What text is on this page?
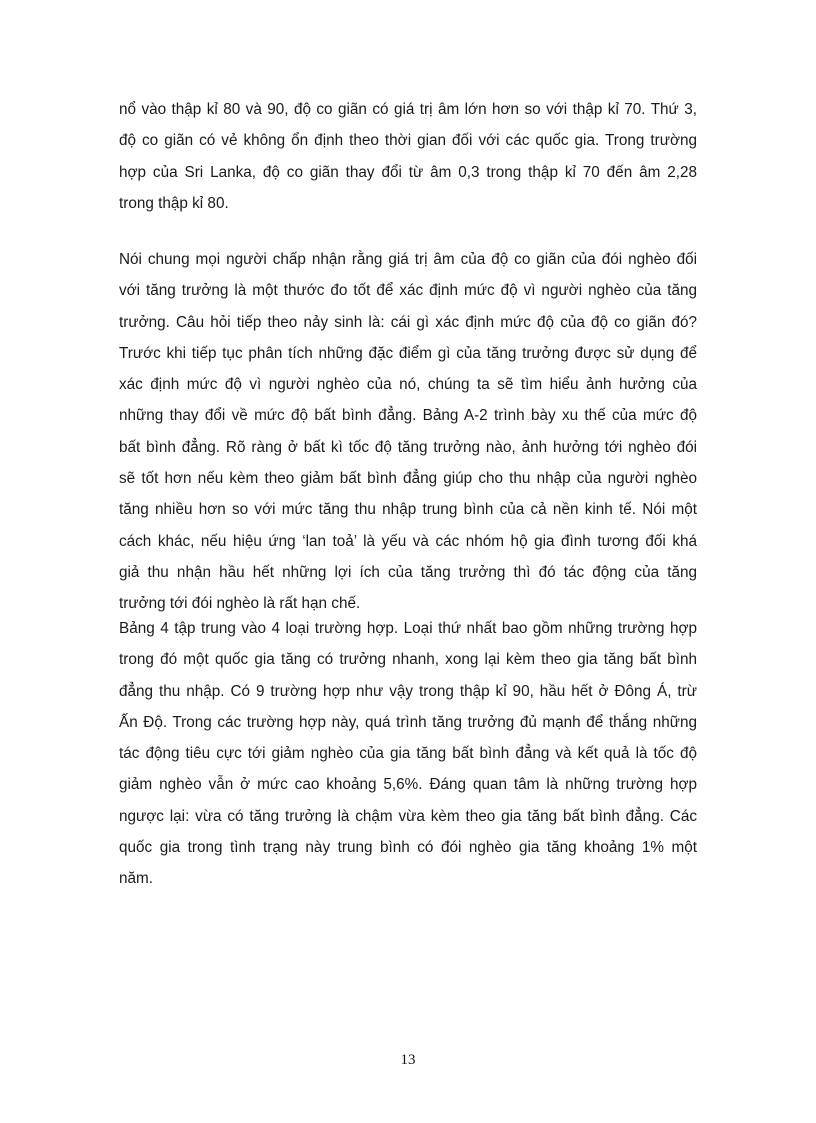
nổ vào thập kỉ 80 và 90, độ co giãn có giá trị âm lớn hơn so với thập kỉ 70. Thứ 3,
độ co giãn có vẻ không ổn định theo thời gian đối với các quốc gia. Trong trường
hợp của Sri Lanka, độ co giãn thay đổi từ âm 0,3 trong thập kỉ 70 đến âm 2,28
trong thập kỉ 80.
Nói chung mọi người chấp nhận rằng giá trị âm của độ co giãn của đói nghèo đối
với tăng trưởng là một thước đo tốt để xác định mức độ vì người nghèo của tăng
trưởng. Câu hỏi tiếp theo nảy sinh là: cái gì xác định mức độ của độ co giãn đó?
Trước khi tiếp tục phân tích những đặc điểm gì của tăng trưởng được sử dụng để
xác định mức độ vì người nghèo của nó, chúng ta sẽ tìm hiểu ảnh hưởng của
những thay đổi về mức độ bất bình đẳng. Bảng A-2 trình bày xu thế của mức độ
bất bình đẳng. Rõ ràng ở bất kì tốc độ tăng trưởng nào, ảnh hưởng tới nghèo đói
sẽ tốt hơn nếu kèm theo giảm bất bình đẳng giúp cho thu nhập của người nghèo
tăng nhiều hơn so với mức tăng thu nhập trung bình của cả nền kinh tế. Nói một
cách khác, nếu hiệu ứng ‘lan toả’ là yếu và các nhóm hộ gia đình tương đối khá
giả thu nhận hầu hết những lợi ích của tăng trưởng thì đó tác động của tăng
trưởng tới đói nghèo là rất hạn chế.
Bảng 4 tập trung vào 4 loại trường hợp. Loại thứ nhất bao gồm những trường hợp
trong đó một quốc gia tăng có trưởng nhanh, xong lại kèm theo gia tăng bất bình
đẳng thu nhập. Có 9 trường hợp như vậy trong thập kỉ 90, hầu hết ở Đông Á, trừ
Ấn Độ. Trong các trường hợp này, quá trình tăng trưởng đủ mạnh để thắng những
tác động tiêu cực tới giảm nghèo của gia tăng bất bình đẳng và kết quả là tốc độ
giảm nghèo vẫn ở mức cao khoảng 5,6%. Đáng quan tâm là những trường hợp
ngược lại: vừa có tăng trưởng là chậm vừa kèm theo gia tăng bất bình đẳng. Các
quốc gia trong tình trạng này trung bình có đói nghèo gia tăng khoảng 1% một
năm.
13
